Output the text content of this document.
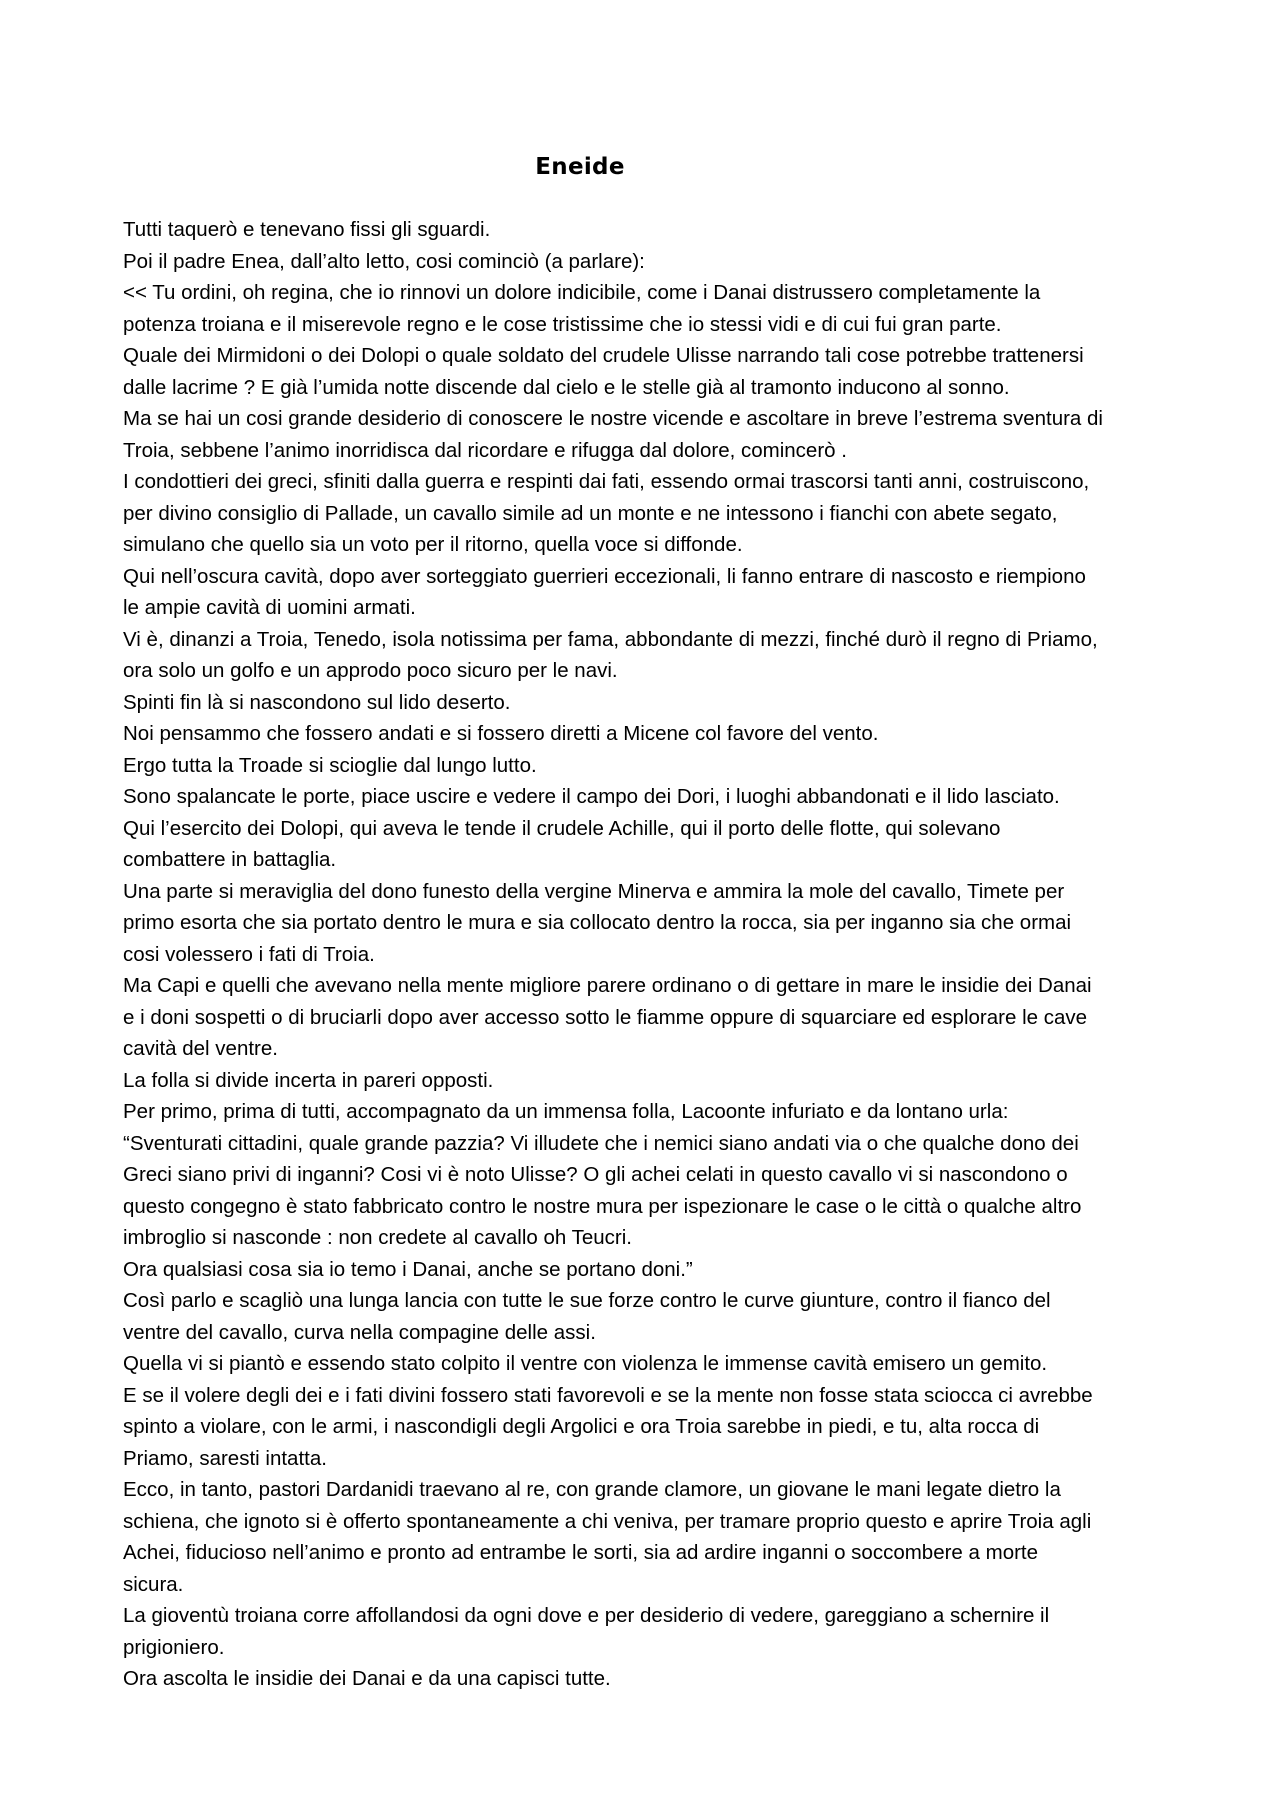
Eneide
Tutti taquerò e tenevano fissi gli sguardi.
Poi il padre Enea, dall’alto letto, cosi cominciò (a parlare):
<< Tu ordini, oh regina, che io rinnovi un dolore indicibile, come i Danai distrussero completamente la
potenza troiana e il miserevole regno e le cose tristissime che io stessi vidi e di cui fui gran parte.
Quale dei Mirmidoni o dei Dolopi o quale soldato del crudele Ulisse narrando tali cose potrebbe trattenersi
dalle lacrime ? E già l’umida notte discende dal cielo e le stelle già al tramonto inducono al sonno.
Ma se hai un cosi grande desiderio di conoscere le nostre vicende e ascoltare in breve l’estrema sventura di
Troia, sebbene l’animo inorridisca dal ricordare e rifugga dal dolore, comincerò .
I condottieri dei greci, sfiniti dalla guerra e respinti dai fati, essendo ormai trascorsi tanti anni, costruiscono,
per divino consiglio di Pallade, un cavallo simile ad un monte e ne intessono i fianchi con abete segato,
simulano che quello sia un voto per il ritorno, quella voce si diffonde.
Qui nell’oscura cavità, dopo aver sorteggiato guerrieri eccezionali, li fanno entrare di nascosto e riempiono
le ampie cavità di uomini armati.
Vi è, dinanzi a Troia, Tenedo, isola notissima per fama, abbondante di mezzi, finché durò il regno di Priamo,
ora solo un golfo e un approdo poco sicuro per le navi.
Spinti fin là si nascondono sul lido deserto.
Noi pensammo che fossero andati e si fossero diretti a Micene col favore del vento.
Ergo tutta la Troade si scioglie dal lungo lutto.
Sono spalancate le porte, piace uscire e vedere il campo dei Dori, i luoghi abbandonati e il lido lasciato.
Qui l’esercito dei Dolopi, qui aveva le tende il crudele Achille, qui il porto delle flotte, qui solevano
combattere in battaglia.
Una parte si meraviglia del dono funesto della vergine Minerva e ammira la mole del cavallo, Timete per
primo esorta che sia portato dentro le mura e sia collocato dentro la rocca, sia per inganno sia che ormai
cosi volessero i fati di Troia.
Ma Capi e quelli che avevano nella mente migliore parere ordinano o di gettare in mare le insidie dei Danai
e i doni sospetti o di bruciarli dopo aver accesso sotto le fiamme oppure di squarciare ed esplorare le cave
cavità del ventre.
La folla si divide incerta in pareri opposti.
Per primo, prima di tutti, accompagnato da un immensa folla, Lacoonte infuriato e da lontano urla:
“Sventurati cittadini, quale grande pazzia? Vi illudete che i nemici siano andati via o che qualche dono dei
Greci siano privi di inganni? Cosi vi è noto Ulisse? O gli achei celati in questo cavallo vi si nascondono o
questo congegno è stato fabbricato contro le nostre mura per ispezionare le case o le città o qualche altro
imbroglio si nasconde : non credete al cavallo oh Teucri.
Ora qualsiasi cosa sia io temo i Danai, anche se portano doni.”
Così parlo e scagliò una lunga lancia con tutte le sue forze contro le curve giunture, contro il fianco del
ventre del cavallo, curva nella compagine delle assi.
Quella vi si piantò e essendo stato colpito il ventre con violenza le immense cavità emisero un gemito.
E se il volere degli dei e i fati divini fossero stati favorevoli e se la mente non fosse stata sciocca ci avrebbe
spinto a violare, con le armi, i nascondigli degli Argolici e ora Troia sarebbe in piedi, e tu, alta rocca di
Priamo, saresti intatta.
Ecco, in tanto, pastori Dardanidi traevano al re, con grande clamore, un giovane le mani legate dietro la
schiena, che ignoto si è offerto spontaneamente a chi veniva, per tramare proprio questo e aprire Troia agli
Achei, fiducioso nell’animo e pronto ad entrambe le sorti, sia ad ardire inganni o soccombere a morte
sicura.
La gioventù troiana corre affollandosi da ogni dove e per desiderio di vedere, gareggiano a schernire il
prigioniero.
Ora ascolta le insidie dei Danai e da una capisci tutte.
